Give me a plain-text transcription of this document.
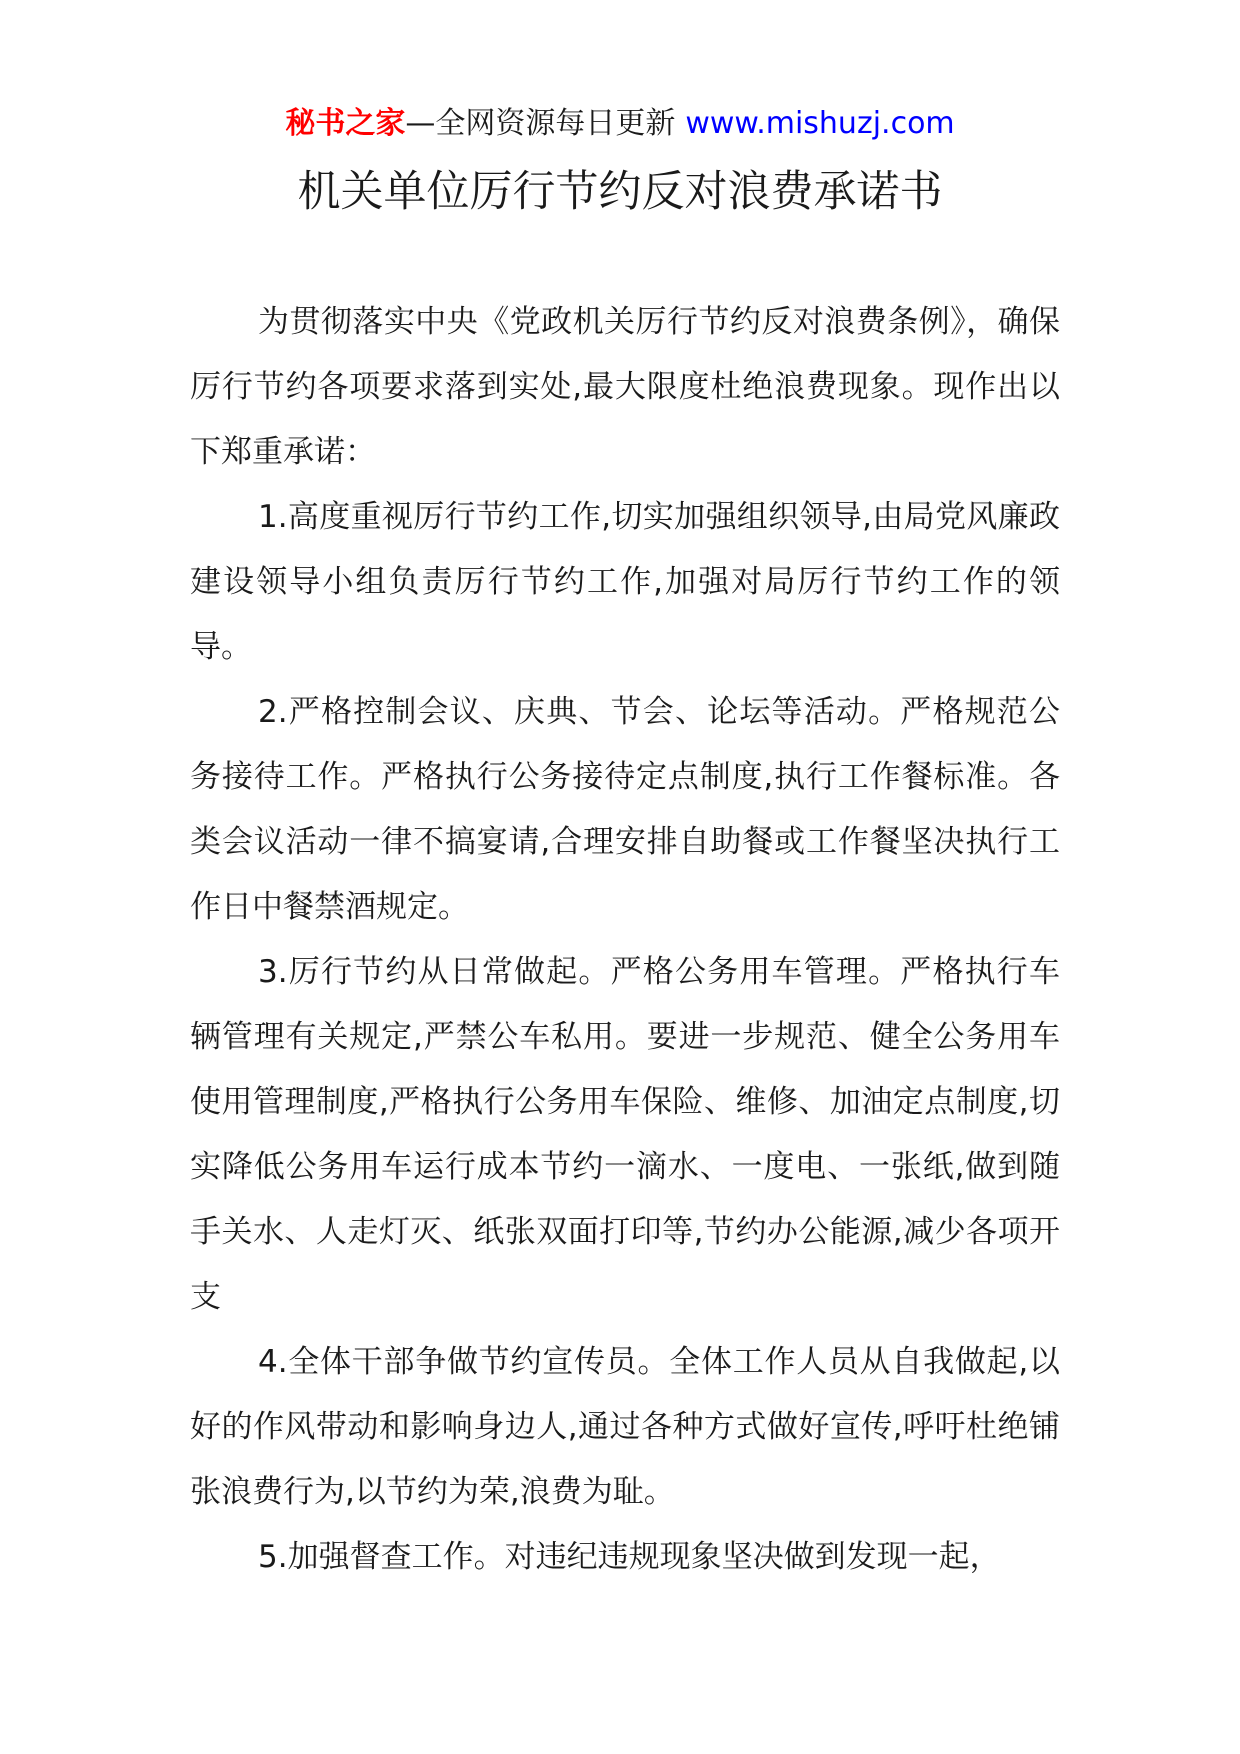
秘书之家—全网资源每日更新 www.mishuzj.com
机关单位厉行节约反对浪费承诺书

为贯彻落实中央《党政机关厉行节约反对浪费条例》，确保厉行节约各项要求落到实处,最大限度杜绝浪费现象。现作出以下郑重承诺：

1.高度重视厉行节约工作,切实加强组织领导,由局党风廉政建设领导小组负责厉行节约工作,加强对局厉行节约工作的领导。

2.严格控制会议、庆典、节会、论坛等活动。严格规范公务接待工作。严格执行公务接待定点制度,执行工作餐标准。各类会议活动一律不搞宴请,合理安排自助餐或工作餐坚决执行工作日中餐禁酒规定。

3.厉行节约从日常做起。严格公务用车管理。严格执行车辆管理有关规定,严禁公车私用。要进一步规范、健全公务用车使用管理制度,严格执行公务用车保险、维修、加油定点制度,切实降低公务用车运行成本节约一滴水、一度电、一张纸,做到随手关水、人走灯灭、纸张双面打印等,节约办公能源,减少各项开支

4.全体干部争做节约宣传员。全体工作人员从自我做起,以好的作风带动和影响身边人,通过各种方式做好宣传,呼吁杜绝铺张浪费行为,以节约为荣,浪费为耻。

5.加强督查工作。对违纪违规现象坚决做到发现一起，
